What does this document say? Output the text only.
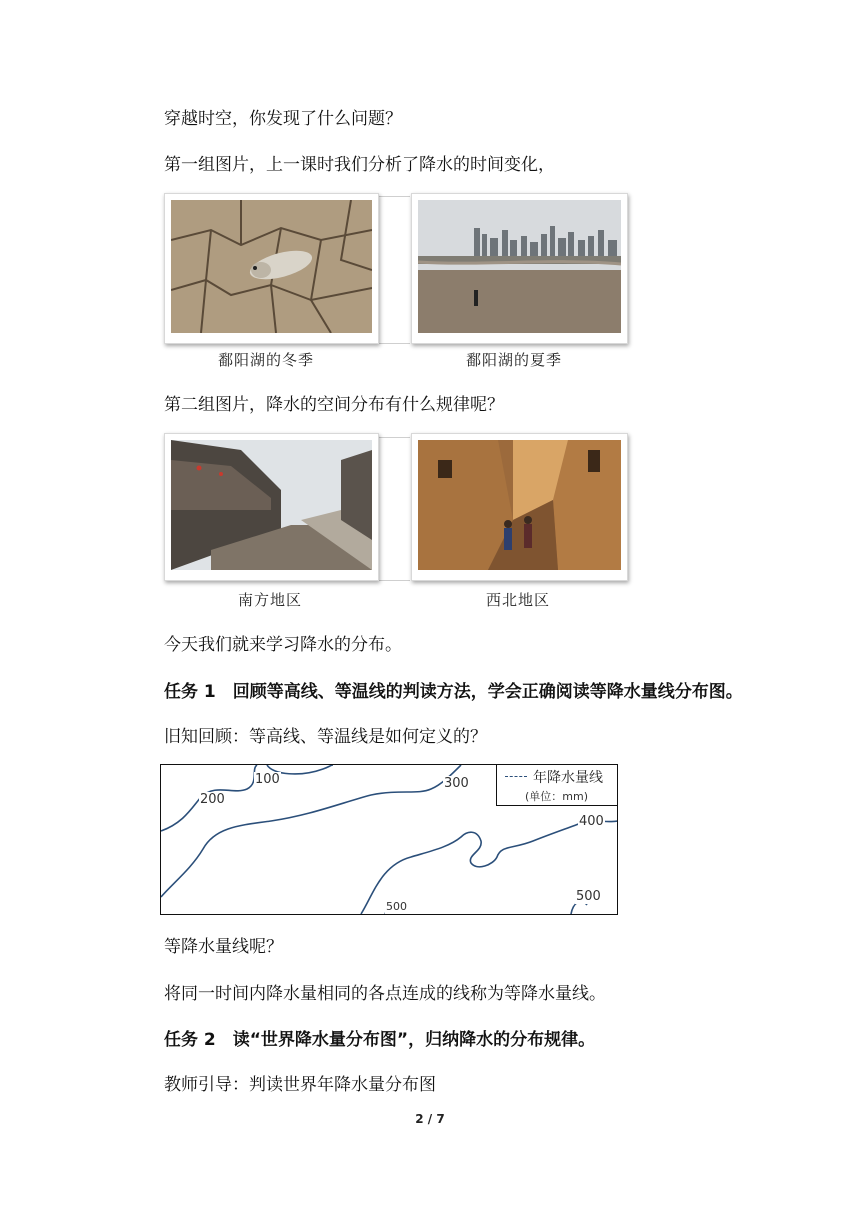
穿越时空，你发现了什么问题？
第一组图片，上一课时我们分析了降水的时间变化，
鄱阳湖的冬季	鄱阳湖的夏季
第二组图片，降水的空间分布有什么规律呢？
南方地区	西北地区
今天我们就来学习降水的分布。
任务 1　回顾等高线、等温线的判读方法，学会正确阅读等降水量线分布图。
旧知回顾：等高线、等温线是如何定义的？
100
200
300
400
500
500
年降水量线
(单位：mm)
等降水量线呢？
将同一时间内降水量相同的各点连成的线称为等降水量线。
任务 2　读“世界降水量分布图”，归纳降水的分布规律。
教师引导：判读世界年降水量分布图
2 / 7
